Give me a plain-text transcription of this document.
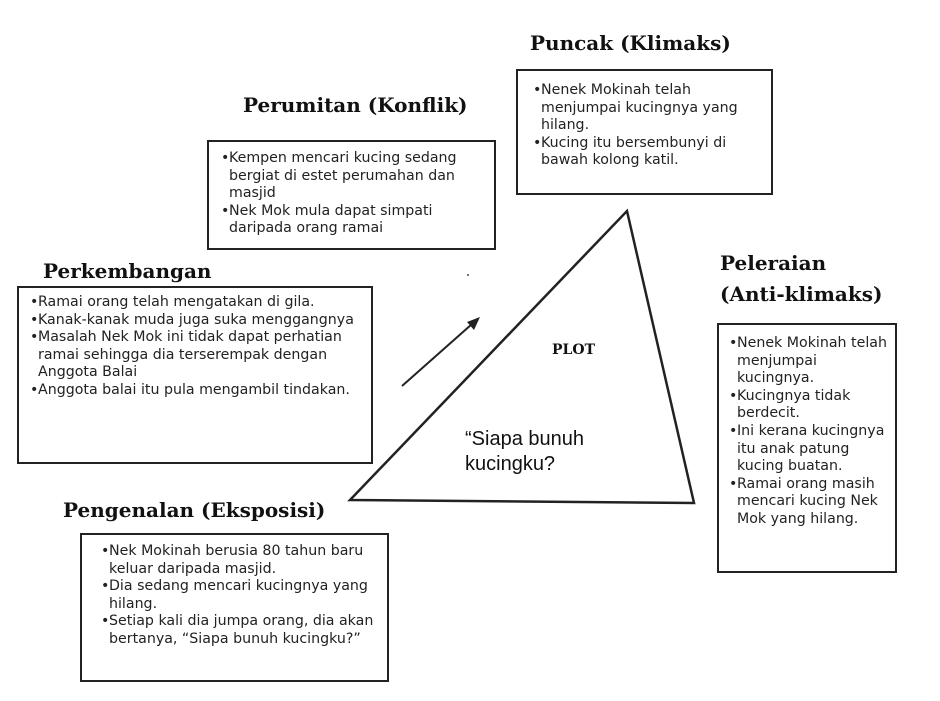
PLOT
“Siapa bunuh kucingku?
Puncak (Klimaks)
• Nenek Mokinah telah menjumpai kucingnya yang hilang.
• Kucing itu bersembunyi di bawah kolong katil.
Perumitan (Konflik)
• Kempen mencari kucing sedang bergiat di estet perumahan dan masjid
• Nek Mok mula dapat simpati daripada orang ramai
Perkembangan
• Ramai orang telah mengatakan di gila.
• Kanak-kanak muda juga suka menggangnya
• Masalah Nek Mok ini tidak dapat perhatian ramai sehingga dia terserempak dengan Anggota Balai
• Anggota balai itu pula mengambil tindakan.
Peleraian
(Anti-klimaks)
• Nenek Mokinah telah menjumpai kucingnya.
• Kucingnya tidak berdecit.
• Ini kerana kucingnya itu anak patung kucing buatan.
• Ramai orang masih mencari kucing Nek Mok yang hilang.
Pengenalan (Eksposisi)
• Nek Mokinah berusia 80 tahun baru keluar daripada masjid.
• Dia sedang mencari kucingnya yang hilang.
• Setiap kali dia jumpa orang, dia akan bertanya, “Siapa bunuh kucingku?”
